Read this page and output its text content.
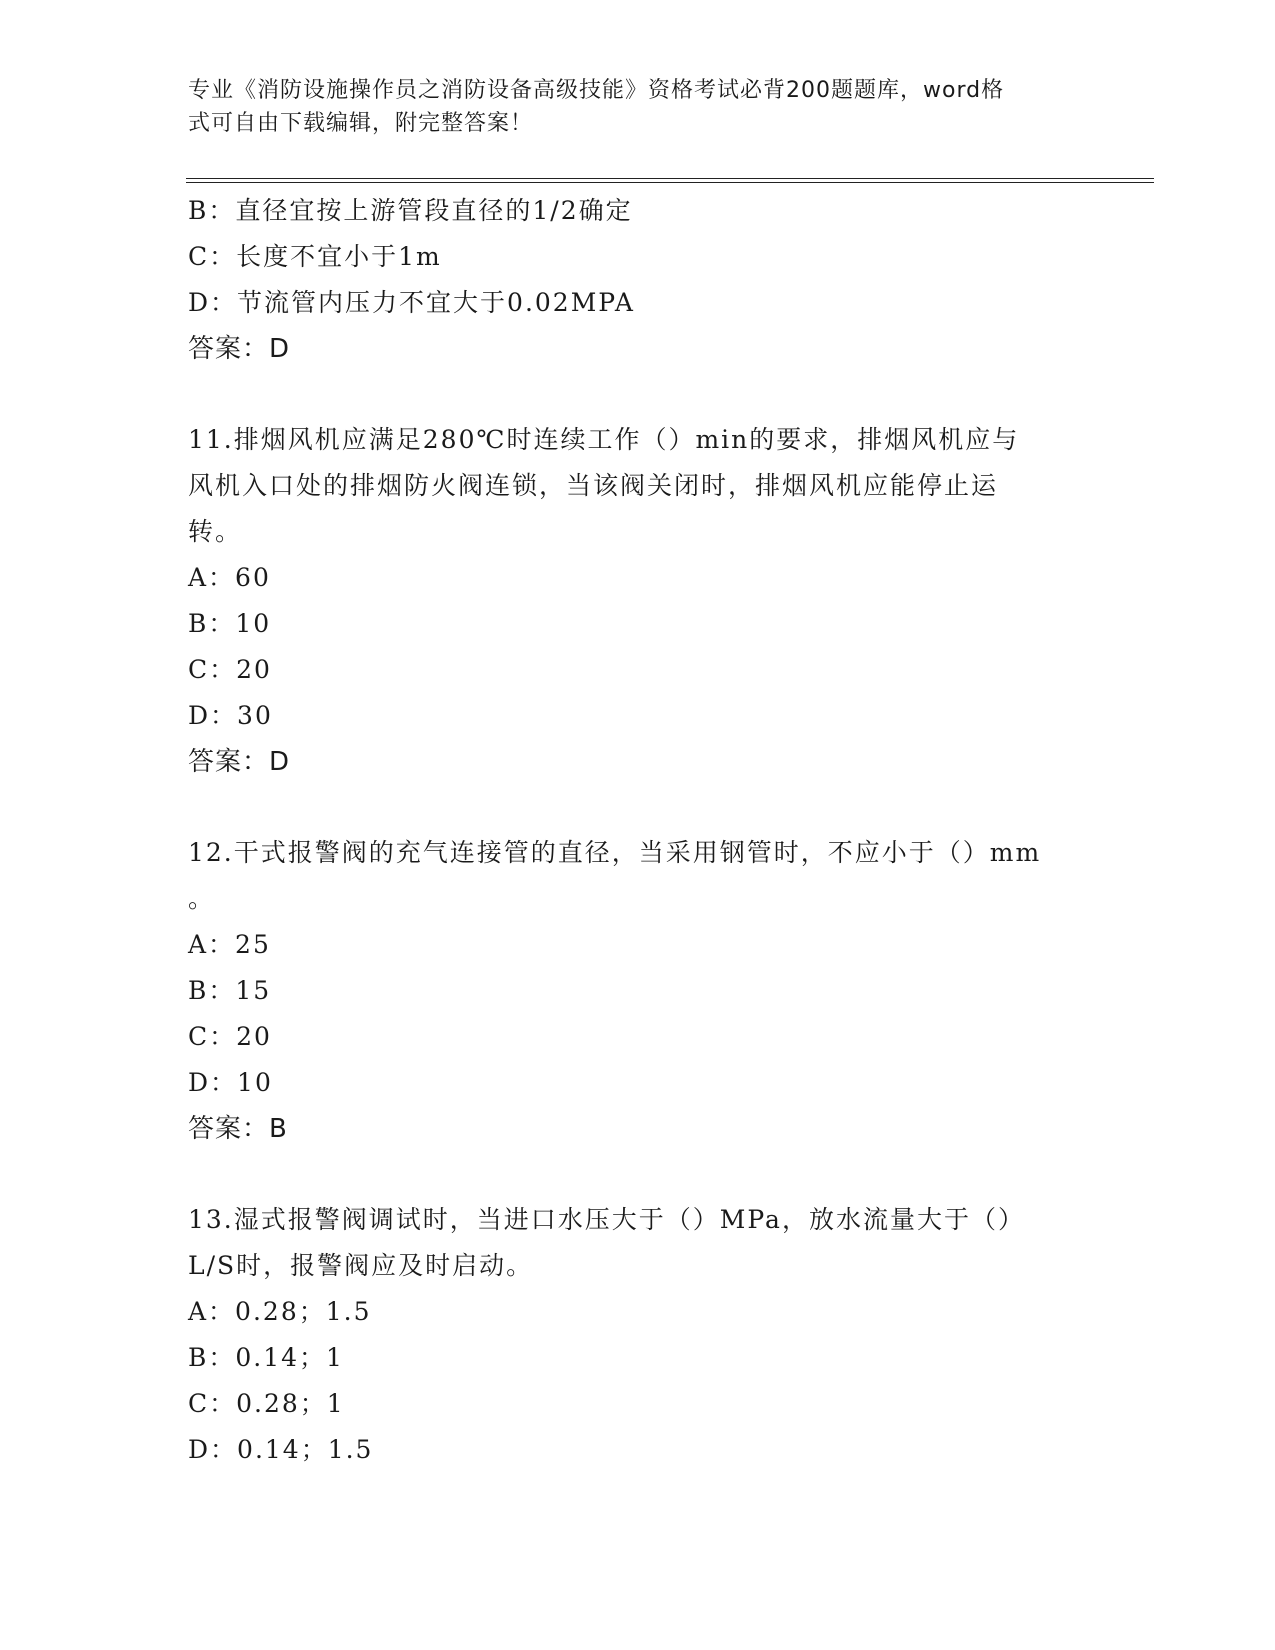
专业《消防设施操作员之消防设备高级技能》资格考试必背200题题库，word格
式可自由下载编辑，附完整答案！
B：直径宜按上游管段直径的1/2确定
C：长度不宜小于1m
D：节流管内压力不宜大于0.02MPA
答案：D
11.排烟风机应满足280℃时连续工作（）min的要求，排烟风机应与
风机入口处的排烟防火阀连锁，当该阀关闭时，排烟风机应能停止运
转。
A：60
B：10
C：20
D：30
答案：D
12.干式报警阀的充气连接管的直径，当采用钢管时，不应小于（）mm
。
A：25
B：15
C：20
D：10
答案：B
13.湿式报警阀调试时，当进口水压大于（）MPa，放水流量大于（）
L/S时，报警阀应及时启动。
A：0.28；1.5
B：0.14；1
C：0.28；1
D：0.14；1.5
